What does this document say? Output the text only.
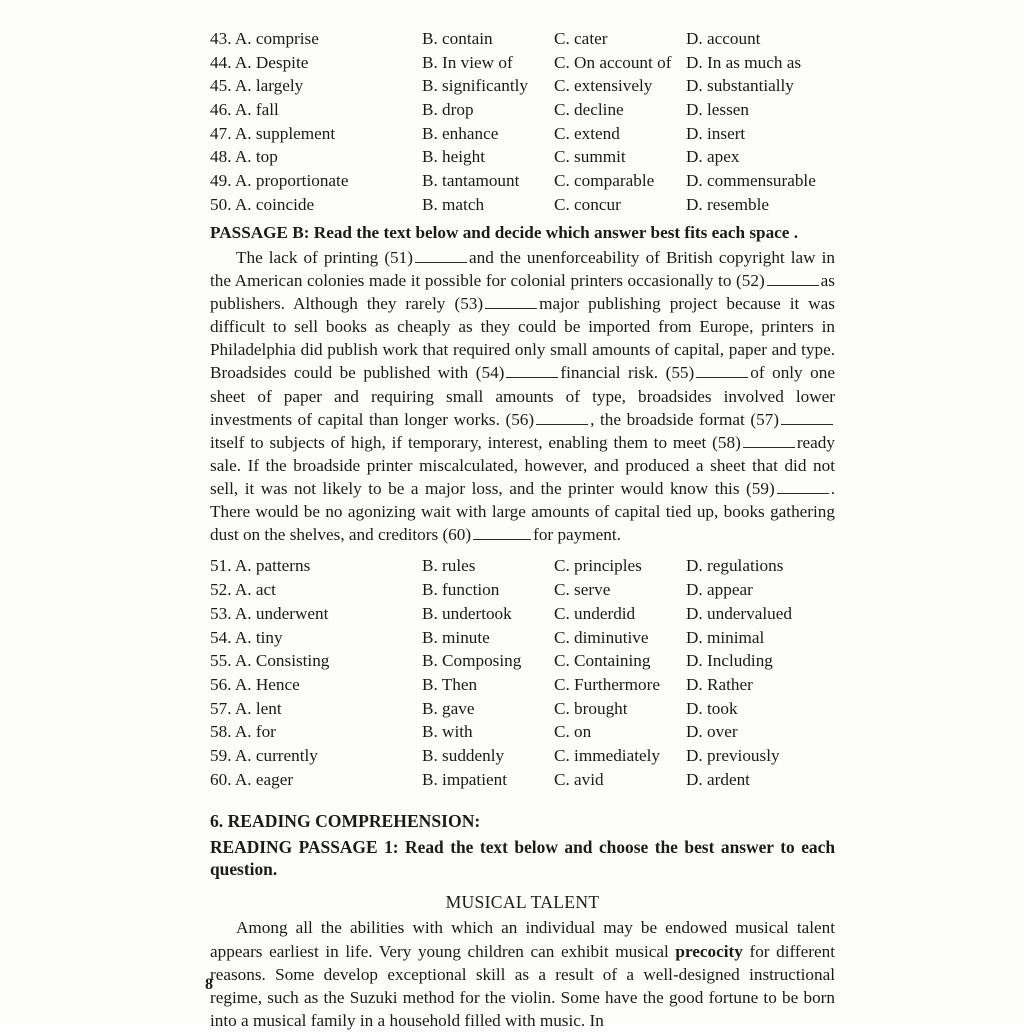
43. A. comprise	B. contain	C. cater	D. account
44. A. Despite	B. In view of	C. On account of	D. In as much as
45. A. largely	B. significantly	C. extensively	D. substantially
46. A. fall	B. drop	C. decline	D. lessen
47. A. supplement	B. enhance	C. extend	D. insert
48. A. top	B. height	C. summit	D. apex
49. A. proportionate	B. tantamount	C. comparable	D. commensurable
50. A. coincide	B. match	C. concur	D. resemble
PASSAGE B: Read the text below and decide which answer best fits each space .

The lack of printing (51)	and the unenforceability of British copyright law in the American colonies made it possible for colonial printers occasionally to (52)	as publishers. Although they rarely (53)	major publishing project because it was difficult to sell books as cheaply as they could be imported from Europe, printers in Philadelphia did publish work that required only small amounts of capital, paper and type. Broadsides could be published with (54)	financial risk. (55)	of only one sheet of paper and requiring small amounts of type, broadsides involved lower investments of capital than longer works. (56)	, the broadside format (57)itself to subjects of high, if temporary, interest, enabling them to meet (58)	ready sale. If the broadside printer miscalculated, however, and produced a sheet that did not sell, it was not likely to be a major loss, and the printer would know this (59)	. There would be no agonizing wait with large amounts of capital tied up, books gathering dust on the shelves, and creditors (60)	for payment.

51. A. patterns	B. rules	C. principles	D. regulations
52. A. act	B. function	C. serve	D. appear
53. A. underwent	B. undertook	C. underdid	D. undervalued
54. A. tiny	B. minute	C. diminutive	D. minimal
55. A. Consisting	B. Composing	C. Containing	D. Including
56. A. Hence	B. Then	C. Furthermore	D. Rather
57. A. lent	B. gave	C. brought	D. took
58. A. for	B. with	C. on	D. over
59. A. currently	B. suddenly	C. immediately	D. previously
60. A. eager	B. impatient	C. avid	D. ardent
6. READING COMPREHENSION:
READING PASSAGE 1: Read the text below and choose the best answer to each question.
MUSICAL TALENT

Among all the abilities with which an individual may be endowed musical talent appears earliest in life. Very young children can exhibit musical precocity for different reasons. Some develop exceptional skill as a result of a well-designed instructional regime, such as the Suzuki method for the violin. Some have the good fortune to be born into a musical family in a household filled with music. In

8
